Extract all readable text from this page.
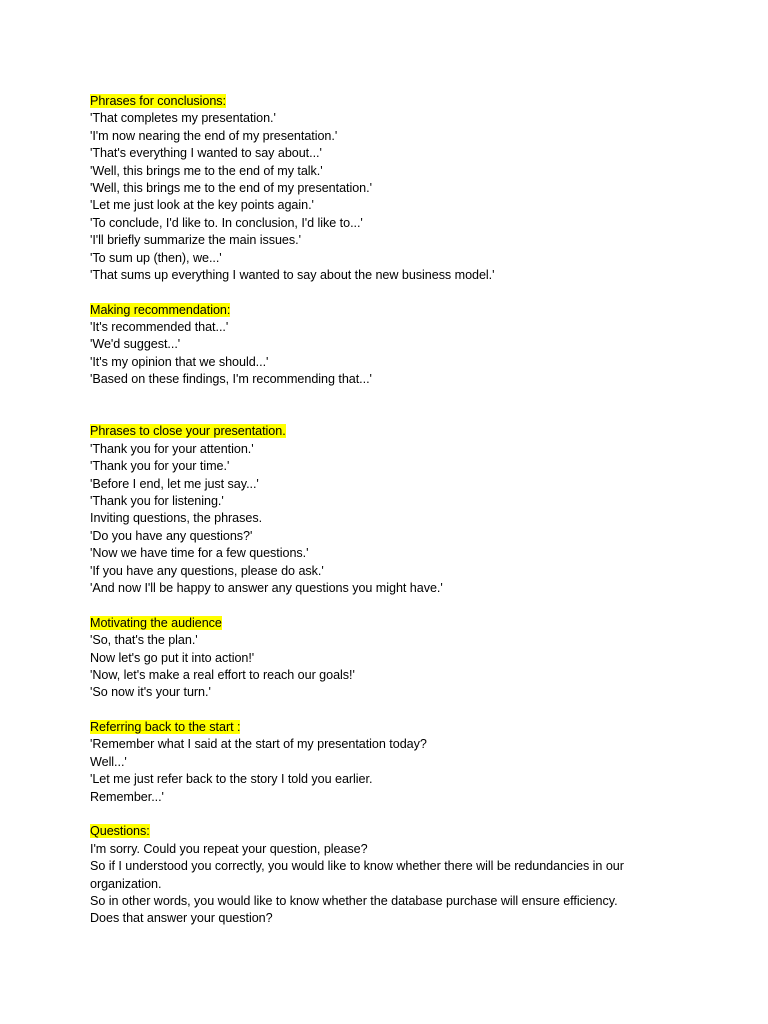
Phrases for conclusions:
'That completes my presentation.'
'I'm now nearing the end of my presentation.'
'That's everything I wanted to say about...'
'Well, this brings me to the end of my talk.'
'Well, this brings me to the end of my presentation.'
'Let me just look at the key points again.'
'To conclude, I'd like to. In conclusion, I'd like to...'
'I'll briefly summarize the main issues.'
'To sum up (then), we...'
'That sums up everything I wanted to say about the new business model.'
Making recommendation:
'It's recommended that...'
'We'd suggest...'
'It's my opinion that we should...'
'Based on these findings, I'm recommending that...'
Phrases to close your presentation.
'Thank you for your attention.'
'Thank you for your time.'
'Before I end, let me just say...'
'Thank you for listening.'
Inviting questions, the phrases.
'Do you have any questions?'
'Now we have time for a few questions.'
'If you have any questions, please do ask.'
'And now I'll be happy to answer any questions you might have.'
Motivating the audience
'So, that's the plan.'
Now let's go put it into action!'
'Now, let's make a real effort to reach our goals!'
'So now it's your turn.'
Referring back to the start :
'Remember what I said at the start of my presentation today?
Well...'
'Let me just refer back to the story I told you earlier.
Remember...'
Questions:
I'm sorry. Could you repeat your question, please?
So if I understood you correctly, you would like to know whether there will be redundancies in our
organization.
So in other words, you would like to know whether the database purchase will ensure efficiency.
Does that answer your question?
